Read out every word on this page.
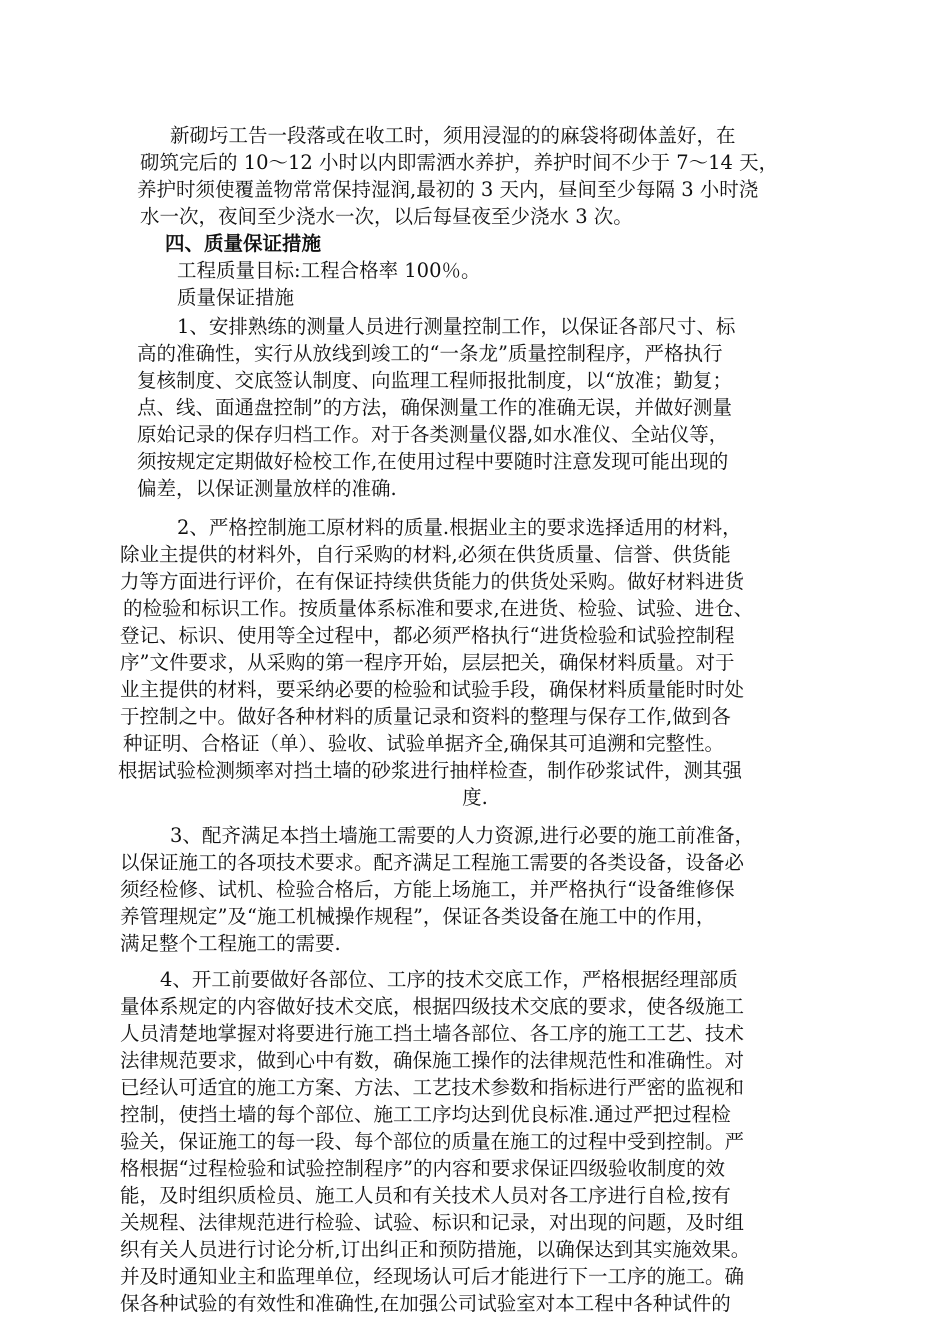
新砌圬工告一段落或在收工时，须用浸湿的的麻袋将砌体盖好，在
砌筑完后的 10～12 小时以内即需洒水养护，养护时间不少于 7～14 天，
养护时须使覆盖物常常保持湿润,最初的 3 天内，昼间至少每隔 3 小时浇
水一次，夜间至少浇水一次，以后每昼夜至少浇水 3 次。
四、质量保证措施
工程质量目标:工程合格率 100％。
质量保证措施
1、安排熟练的测量人员进行测量控制工作，以保证各部尺寸、标
高的准确性，实行从放线到竣工的“一条龙”质量控制程序，严格执行
复核制度、交底签认制度、向监理工程师报批制度，以“放准；勤复；
点、线、面通盘控制”的方法，确保测量工作的准确无误，并做好测量
原始记录的保存归档工作。对于各类测量仪器,如水准仪、全站仪等，
须按规定定期做好检校工作,在使用过程中要随时注意发现可能出现的
偏差，以保证测量放样的准确.
2、严格控制施工原材料的质量.根据业主的要求选择适用的材料，
除业主提供的材料外，自行采购的材料,必须在供货质量、信誉、供货能
力等方面进行评价，在有保证持续供货能力的供货处采购。做好材料进货
的检验和标识工作。按质量体系标准和要求,在进货、检验、试验、进仓、
登记、标识、使用等全过程中，都必须严格执行“进货检验和试验控制程
序”文件要求，从采购的第一程序开始，层层把关，确保材料质量。对于
业主提供的材料，要采纳必要的检验和试验手段，确保材料质量能时时处
于控制之中。做好各种材料的质量记录和资料的整理与保存工作,做到各
种证明、合格证（单）、验收、试验单据齐全,确保其可追溯和完整性。
根据试验检测频率对挡土墙的砂浆进行抽样检查，制作砂浆试件，测其强
度.
3、配齐满足本挡土墙施工需要的人力资源,进行必要的施工前准备，
以保证施工的各项技术要求。配齐满足工程施工需要的各类设备，设备必
须经检修、试机、检验合格后，方能上场施工，并严格执行“设备维修保
养管理规定”及“施工机械操作规程”，保证各类设备在施工中的作用，
满足整个工程施工的需要.
4、开工前要做好各部位、工序的技术交底工作，严格根据经理部质
量体系规定的内容做好技术交底，根据四级技术交底的要求，使各级施工
人员清楚地掌握对将要进行施工挡土墙各部位、各工序的施工工艺、技术
法律规范要求，做到心中有数，确保施工操作的法律规范性和准确性。对
已经认可适宜的施工方案、方法、工艺技术参数和指标进行严密的监视和
控制，使挡土墙的每个部位、施工工序均达到优良标准.通过严把过程检
验关，保证施工的每一段、每个部位的质量在施工的过程中受到控制。严
格根据“过程检验和试验控制程序”的内容和要求保证四级验收制度的效
能，及时组织质检员、施工人员和有关技术人员对各工序进行自检,按有
关规程、法律规范进行检验、试验、标识和记录，对出现的问题，及时组
织有关人员进行讨论分析,订出纠正和预防措施，以确保达到其实施效果。
并及时通知业主和监理单位，经现场认可后才能进行下一工序的施工。确
保各种试验的有效性和准确性,在加强公司试验室对本工程中各种试件的
